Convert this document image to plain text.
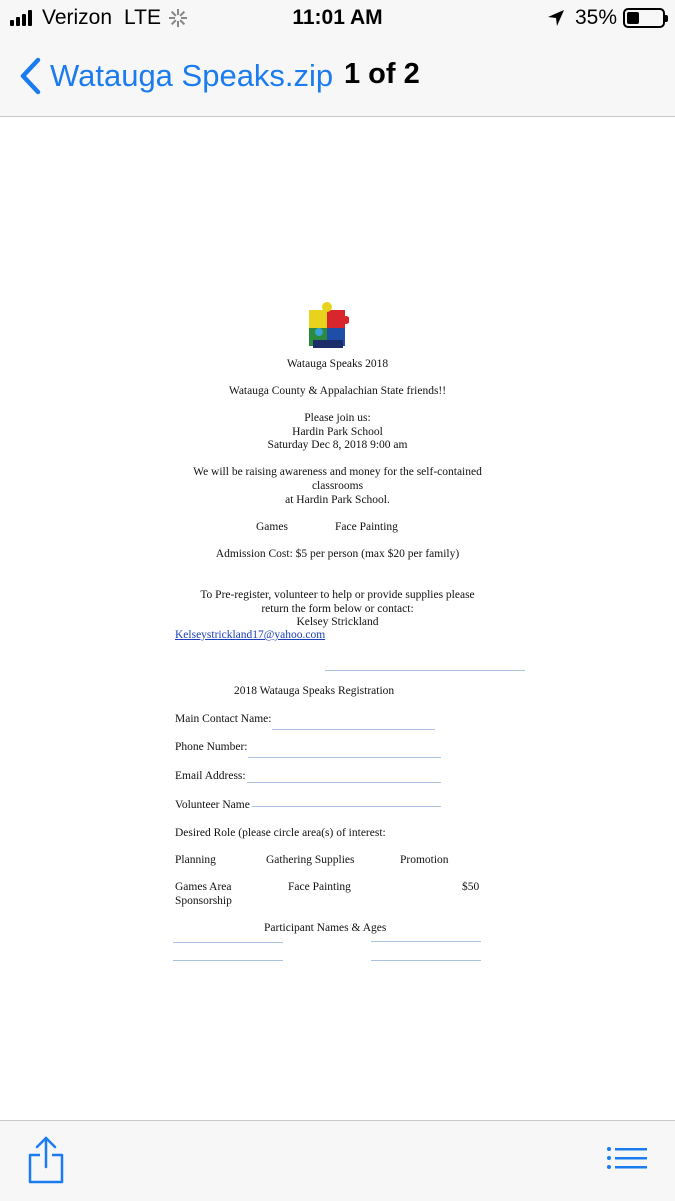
Verizon LTE	11:01 AM	35%
Watauga Speaks.zip 1 of 2
Watauga Speaks 2018
Watauga County & Appalachian State friends!!
Please join us:
Hardin Park School
Saturday Dec 8, 2018 9:00 am
We will be raising awareness and money for the self-contained
classrooms
at Hardin Park School.
Games	Face Painting
Admission Cost: $5 per person (max $20 per family)
To Pre-register, volunteer to help or provide supplies please
return the form below or contact:
Kelsey Strickland
Kelseystrickland17@yahoo.com
2018 Watauga Speaks Registration
Main Contact Name:
Phone Number:
Email Address:
Volunteer Name
Desired Role (please circle area(s) of interest:
Planning	Gathering Supplies	Promotion
Games Area	Face Painting	$50
Sponsorship
Participant Names & Ages
